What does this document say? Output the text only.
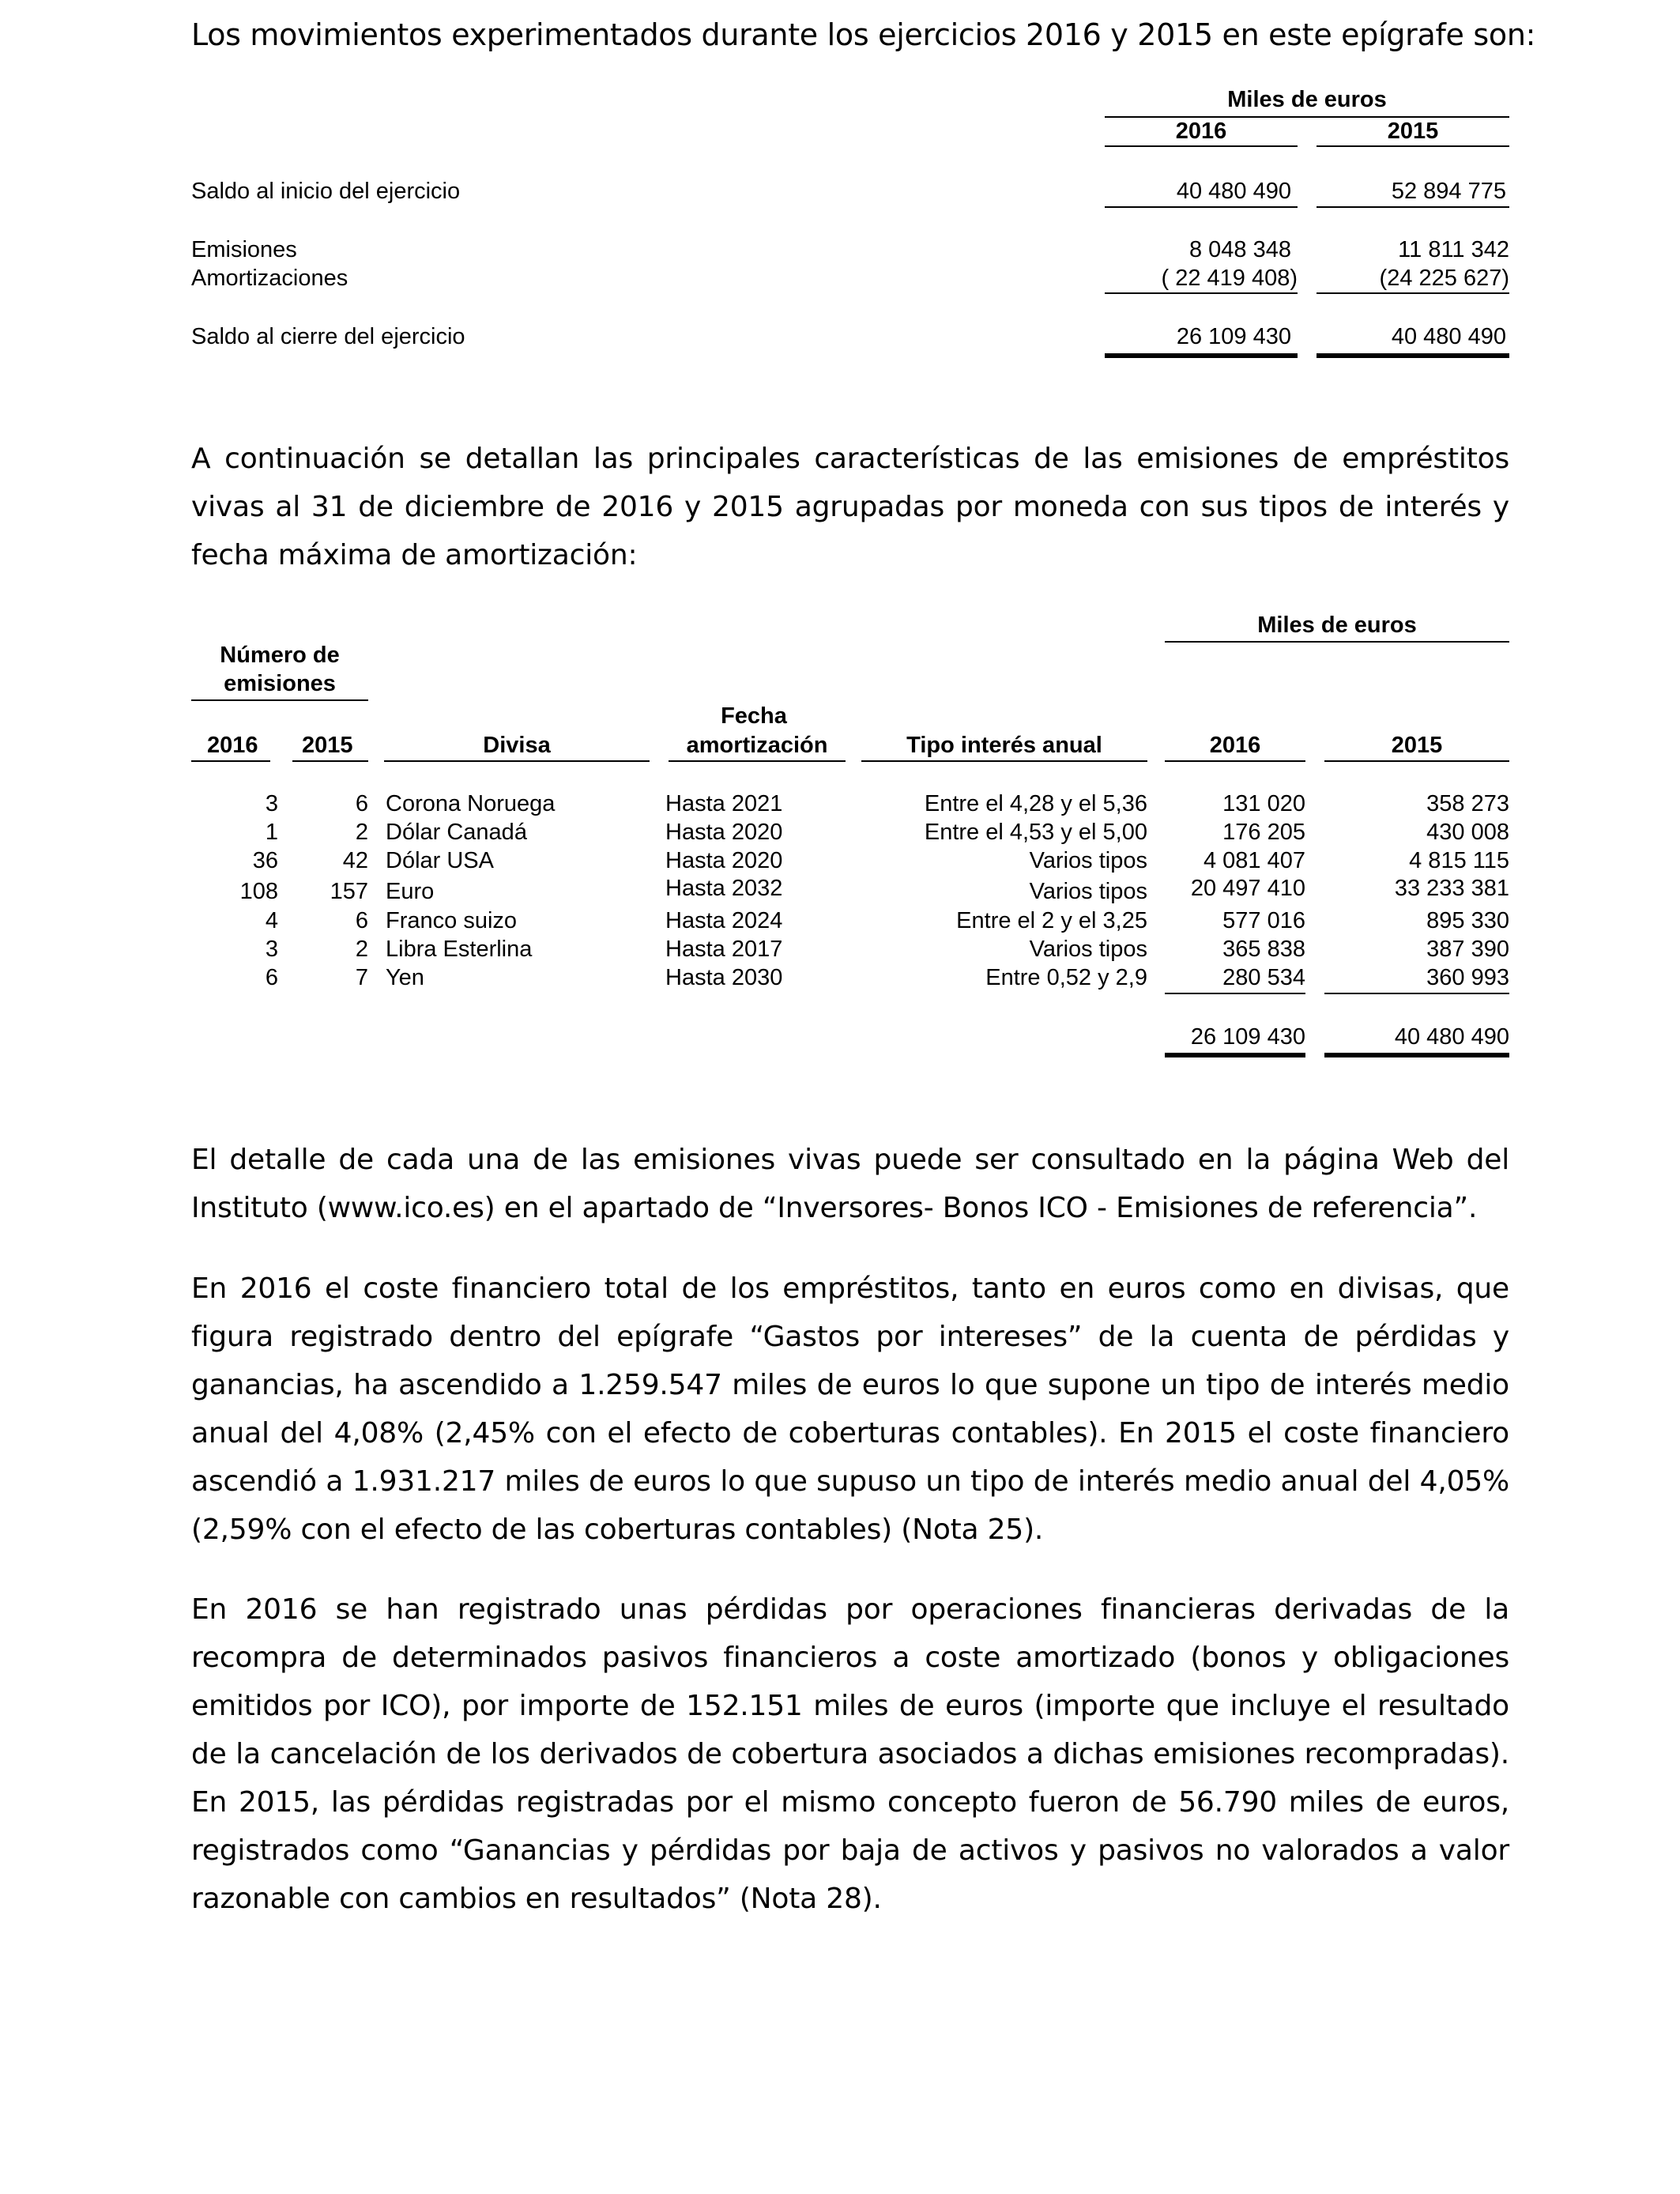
Los movimientos experimentados durante los ejercicios 2016 y 2015 en este epígrafe son:
Miles de euros
2016	2015
Saldo al inicio del ejercicio	40 480 490	52 894 775
Emisiones	8 048 348	11 811 342
Amortizaciones	( 22 419 408)	(24 225 627)
Saldo al cierre del ejercicio	26 109 430	40 480 490
A continuación se detallan las principales características de las emisiones de empréstitos vivas al 31 de diciembre de 2016 y 2015 agrupadas por moneda con sus tipos de interés y fecha máxima de amortización:
Miles de euros
Número de
emisiones
Fecha
2016 2015	Divisa	amortización	Tipo interés anual	2016	2015
3	6 Corona Noruega	Hasta 2021	Entre el 4,28 y el 5,36	131 020	358 273
1	2 Dólar Canadá	Hasta 2020	Entre el 4,53 y el 5,00	176 205	430 008
36	42 Dólar USA	Hasta 2020	Varios tipos	4 081 407	4 815 115
108	157 Euro	Hasta 2032	Varios tipos	20 497 410	33 233 381
4	6 Franco suizo	Hasta 2024	Entre el 2 y el 3,25	577 016	895 330
3	2 Libra Esterlina	Hasta 2017	Varios tipos	365 838	387 390
6	7 Yen	Hasta 2030	Entre 0,52 y 2,9	280 534	360 993
26 109 430	40 480 490
El detalle de cada una de las emisiones vivas puede ser consultado en la página Web del Instituto (www.ico.es) en el apartado de “Inversores- Bonos ICO - Emisiones de referencia”.
En 2016 el coste financiero total de los empréstitos, tanto en euros como en divisas, que figura registrado dentro del epígrafe “Gastos por intereses” de la cuenta de pérdidas y ganancias, ha ascendido a 1.259.547 miles de euros lo que supone un tipo de interés medio anual del 4,08% (2,45% con el efecto de coberturas contables). En 2015 el coste financiero ascendió a 1.931.217 miles de euros lo que supuso un tipo de interés medio anual del 4,05% (2,59% con el efecto de las coberturas contables) (Nota 25).
En 2016 se han registrado unas pérdidas por operaciones financieras derivadas de la recompra de determinados pasivos financieros a coste amortizado (bonos y obligaciones emitidos por ICO), por importe de 152.151 miles de euros (importe que incluye el resultado de la cancelación de los derivados de cobertura asociados a dichas emisiones recompradas). En 2015, las pérdidas registradas por el mismo concepto fueron de 56.790 miles de euros, registrados como “Ganancias y pérdidas por baja de activos y pasivos no valorados a valor razonable con cambios en resultados” (Nota 28).
